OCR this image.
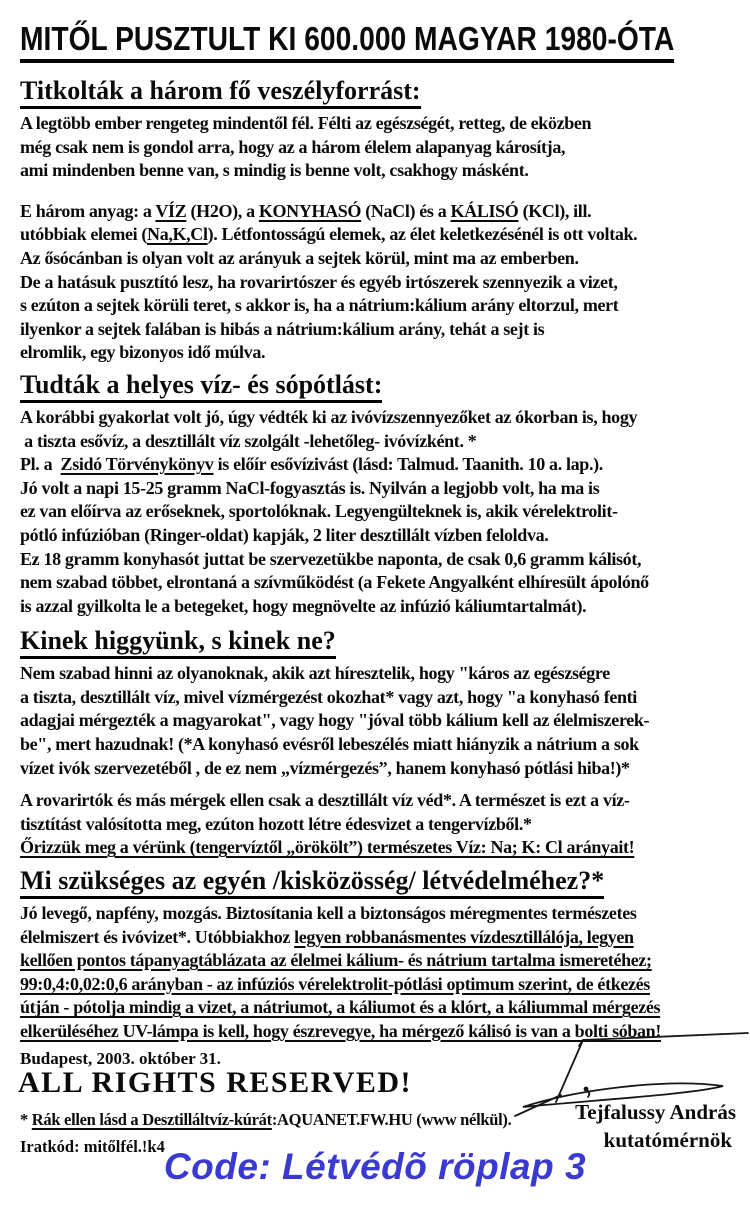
MITŐL PUSZTULT KI 600.000 MAGYAR 1980-ÓTA
Titkolták a három fő veszélyforrást:
A legtöbb ember rengeteg mindentől fél. Félti az egészségét, retteg, de eközben
még csak nem is gondol arra, hogy az a három élelem alapanyag károsítja,
ami mindenben benne van, s mindig is benne volt, csakhogy másként.
E három anyag: a VÍZ (H2O), a KONYHASÓ (NaCl) és a KÁLISÓ (KCl), ill.
utóbbiak elemei (Na,K,Cl). Létfontosságú elemek, az élet keletkezésénél is ott voltak.
Az ősócánban is olyan volt az arányuk a sejtek körül, mint ma az emberben.
De a hatásuk pusztító lesz, ha rovarirtószer és egyéb irtószerek szennyezik a vizet,
s ezúton a sejtek körüli teret, s akkor is, ha a nátrium:kálium arány eltorzul, mert
ilyenkor a sejtek falában is hibás a nátrium:kálium arány, tehát a sejt is
elromlik, egy bizonyos idő múlva.
Tudták a helyes víz- és sópótlást:
A korábbi gyakorlat volt jó, úgy védték ki az ivóvízszennyezőket az ókorban is, hogy
a tiszta esővíz, a desztillált víz szolgált -lehetőleg- ivóvízként. *
Pl. a  Zsidó Törvénykönyv is előír esővízivást (lásd: Talmud. Taanith. 10 a. lap.).
Jó volt a napi 15-25 gramm NaCl-fogyasztás is. Nyilván a legjobb volt, ha ma is
ez van előírva az erőseknek, sportolóknak. Legyengülteknek is, akik vérelektrolit-
pótló infúzióban (Ringer-oldat) kapják, 2 liter desztillált vízben feloldva.
Ez 18 gramm konyhasót juttat be szervezetükbe naponta, de csak 0,6 gramm kálisót,
nem szabad többet, elrontaná a szívműködést (a Fekete Angyalként elhíresült ápolónő
is azzal gyilkolta le a betegeket, hogy megnövelte az infúzió káliumtartalmát).
Kinek higgyünk, s kinek ne?
Nem szabad hinni az olyanoknak, akik azt híresztelik, hogy "káros az egészségre
a tiszta, desztillált víz, mivel vízmérgezést okozhat* vagy azt, hogy "a konyhasó fenti
adagjai mérgezték a magyarokat", vagy hogy "jóval több kálium kell az élelmiszerek-
be", mert hazudnak! (*A konyhasó evésről lebeszélés miatt hiányzik a nátrium a sok
vízet ivók szervezetéből , de ez nem „vízmérgezés”, hanem konyhasó pótlási hiba!)*
A rovarirtók és más mérgek ellen csak a desztillált víz véd*. A természet is ezt a víz-
tisztítást valósította meg, ezúton hozott létre édesvizet a tengervízből.*
Őrizzük meg a vérünk (tengervíztől „örökölt”) természetes Víz: Na; K: Cl arányait!
Mi szükséges az egyén /kisközösség/ létvédelméhez?*
Jó levegő, napfény, mozgás. Biztosítania kell a biztonságos méregmentes természetes
élelmiszert és ivóvizet*. Utóbbiakhoz legyen robbanásmentes vízdesztillálója, legyen
kellően pontos tápanyagtáblázata az élelmei kálium- és nátrium tartalma ismeretéhez;
99:0,4:0,02:0,6 arányban - az infúziós vérelektrolit-pótlási optimum szerint, de étkezés
útján - pótolja mindig a vizet, a nátriumot, a káliumot és a klórt, a káliummal mérgezés
elkerüléséhez UV-lámpa is kell, hogy észrevegye, ha mérgező kálisó is van a bolti sóban!
Budapest, 2003. október 31.
ALL RIGHTS RESERVED!
* Rák ellen lásd a Desztilláltvíz-kúrát:AQUANET.FW.HU (www nélkül).
Iratkód: mitőlfél.!k4
Tejfalussy András
kutatómérnök
Code: Létvédõ röplap 3
